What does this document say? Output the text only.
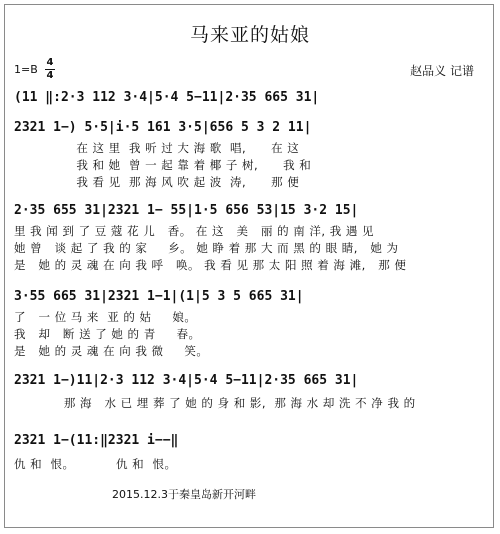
马来亚的姑娘
1=B
4
4	赵品义 记谱
(11 ‖:2·3 112 3·4|5·4 5−11|2·35 665 31|
2321 1−) 5·5|i·5 161 3·5|656 5 3 2 11|
在 这 里  我 听 过 大 海 歌  唱,      在 这
我 和 她  曾 一 起 靠 着 椰 子 树,      我 和
我 看 见  那 海 风 吹 起 波  涛,      那 便
2·35 655 31|2321 1− 55|1·5 656 53|15 3·2 15|
里 我 闻 到 了 豆 蔻 花 儿   香。 在 这   美   丽 的 南 洋, 我 遇 见
她 曾   谈 起 了 我 的 家     乡。 她 睁 着 那 大 而 黑 的 眼 睛,   她 为
是   她 的 灵 魂 在 向 我 呼   唤。 我 看 见 那 太 阳 照 着 海 滩,   那 便
3·55 665 31|2321 1−1|(1|5 3 5 665 31|
了   一 位 马 来  亚 的 姑     娘。
我   却   断 送 了 她 的 青     春。
是   她 的 灵 魂 在 向 我 微     笑。
2321 1−)11|2·3 112 3·4|5·4 5−11|2·35 665 31|
那 海   水 已 埋 葬 了 她 的 身 和 影,  那 海 水 却 洗 不 净 我 的
2321 1−(11:‖2321 i−−‖
仇 和  恨。          仇 和  恨。
2015.12.3于秦皇岛新开河畔
